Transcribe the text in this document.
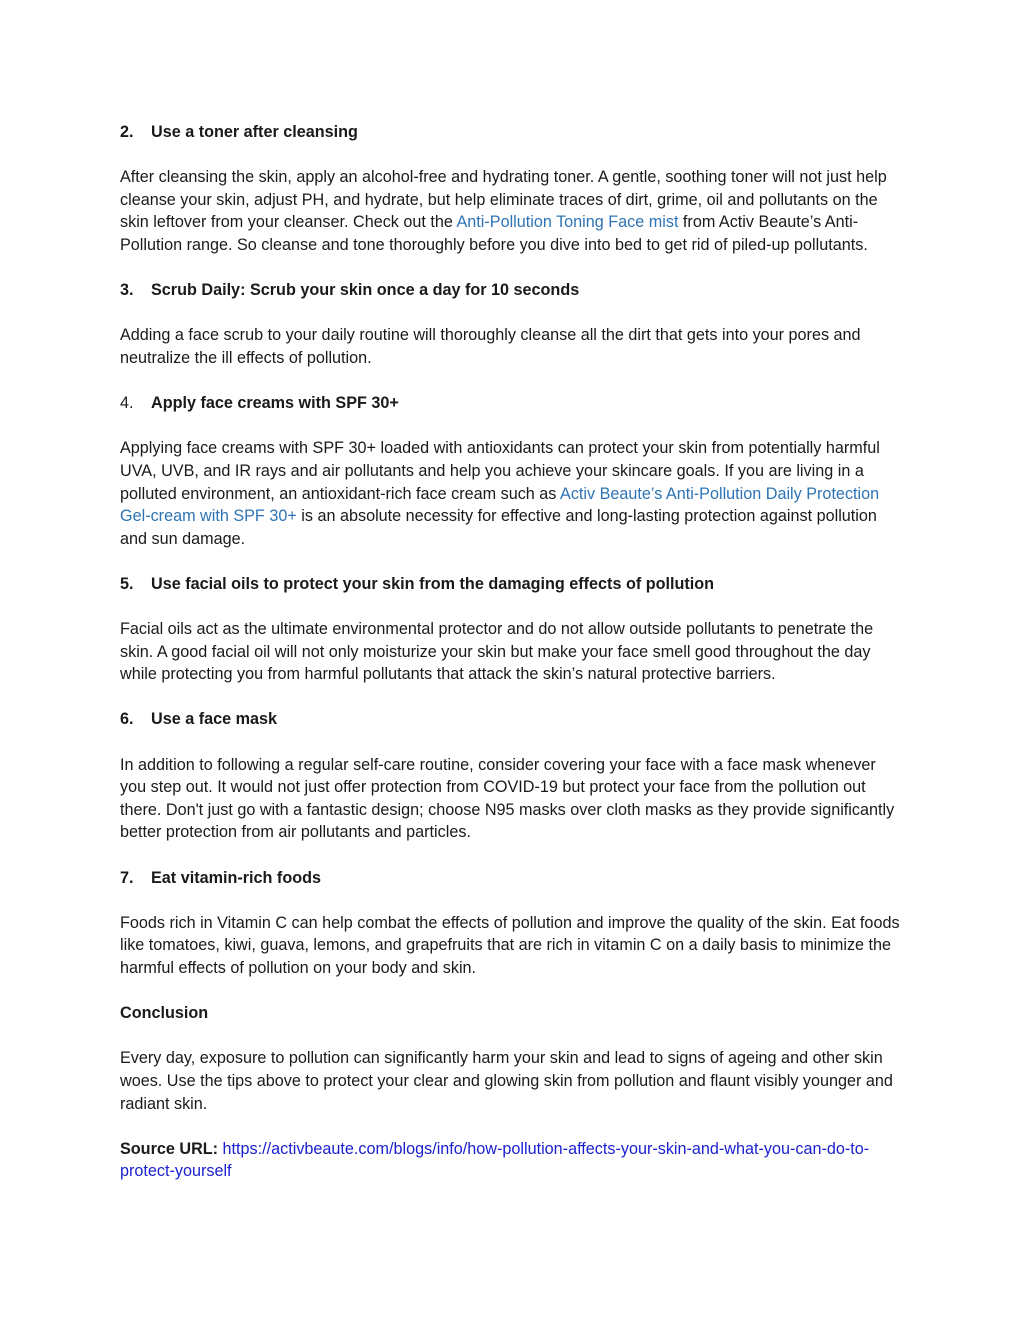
2.	Use a toner after cleansing

After cleansing the skin, apply an alcohol-free and hydrating toner. A gentle, soothing toner will not just help cleanse your skin, adjust PH, and hydrate, but help eliminate traces of dirt, grime, oil and pollutants on the skin leftover from your cleanser. Check out the Anti-Pollution Toning Face mist from Activ Beaute’s Anti-Pollution range. So cleanse and tone thoroughly before you dive into bed to get rid of piled-up pollutants.

3.	Scrub Daily: Scrub your skin once a day for 10 seconds

Adding a face scrub to your daily routine will thoroughly cleanse all the dirt that gets into your pores and neutralize the ill effects of pollution.

4.	Apply face creams with SPF 30+

Applying face creams with SPF 30+ loaded with antioxidants can protect your skin from potentially harmful UVA, UVB, and IR rays and air pollutants and help you achieve your skincare goals. If you are living in a polluted environment, an antioxidant-rich face cream such as Activ Beaute’s Anti-Pollution Daily Protection Gel-cream with SPF 30+ is an absolute necessity for effective and long-lasting protection against pollution and sun damage.

5.	Use facial oils to protect your skin from the damaging effects of pollution

Facial oils act as the ultimate environmental protector and do not allow outside pollutants to penetrate the skin. A good facial oil will not only moisturize your skin but make your face smell good throughout the day while protecting you from harmful pollutants that attack the skin’s natural protective barriers.

6.	Use a face mask

In addition to following a regular self-care routine, consider covering your face with a face mask whenever you step out. It would not just offer protection from COVID-19 but protect your face from the pollution out there. Don't just go with a fantastic design; choose N95 masks over cloth masks as they provide significantly better protection from air pollutants and particles.

7.	Eat vitamin-rich foods

Foods rich in Vitamin C can help combat the effects of pollution and improve the quality of the skin. Eat foods like tomatoes, kiwi, guava, lemons, and grapefruits that are rich in vitamin C on a daily basis to minimize the harmful effects of pollution on your body and skin.

Conclusion

Every day, exposure to pollution can significantly harm your skin and lead to signs of ageing and other skin woes. Use the tips above to protect your clear and glowing skin from pollution and flaunt visibly younger and radiant skin.

Source URL: https://activbeaute.com/blogs/info/how-pollution-affects-your-skin-and-what-you-can-do-to-protect-yourself
